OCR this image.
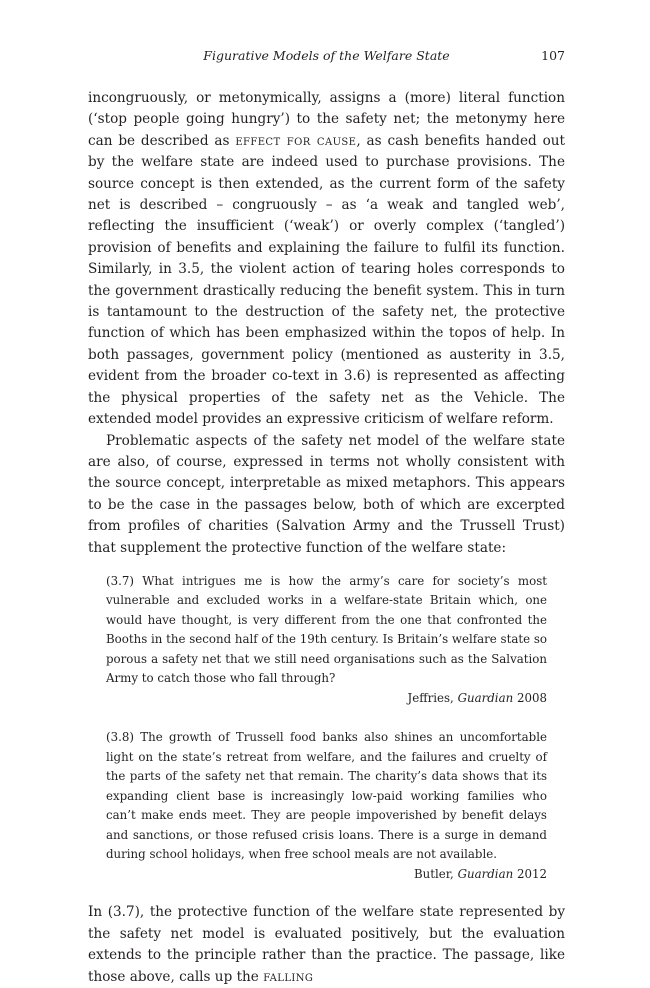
Figurative Models of the Welfare State	107

incongruously, or metonymically, assigns a (more) literal function (‘stop people going hungry’) to the safety net; the metonymy here can be described as effect for cause, as cash benefits handed out by the welfare state are indeed used to purchase provisions. The source concept is then extended, as the current form of the safety net is described – congruously – as ‘a weak and tangled web’, reflecting the insufficient (‘weak’) or overly complex (‘tangled’) provision of benefits and explaining the failure to fulfil its function. Similarly, in 3.5, the violent action of tearing holes corresponds to the government drastically reducing the benefit system. This in turn is tantamount to the destruction of the safety net, the protective function of which has been emphasized within the topos of help. In both passages, government policy (mentioned as austerity in 3.5, evident from the broader co-text in 3.6) is represented as affecting the physical properties of the safety net as the Vehicle. The extended model provides an expressive criticism of welfare reform.

Problematic aspects of the safety net model of the welfare state are also, of course, expressed in terms not wholly consistent with the source concept, interpretable as mixed metaphors. This appears to be the case in the passages below, both of which are excerpted from profiles of charities (Salvation Army and the Trussell Trust) that supplement the protective function of the welfare state:

(3.7) What intrigues me is how the army’s care for society’s most vulnerable and excluded works in a welfare-state Britain which, one would have thought, is very different from the one that confronted the Booths in the second half of the 19th century. Is Britain’s welfare state so porous a safety net that we still need organisations such as the Salvation Army to catch those who fall through?
Jeffries, Guardian 2008
(3.8) The growth of Trussell food banks also shines an uncomfortable light on the state’s retreat from welfare, and the failures and cruelty of the parts of the safety net that remain. The charity’s data shows that its expanding client base is increasingly low-paid working families who can’t make ends meet. They are people impoverished by benefit delays and sanctions, or those refused crisis loans. There is a surge in demand during school holidays, when free school meals are not available.
Butler, Guardian 2012

In (3.7), the protective function of the welfare state represented by the safety net model is evaluated positively, but the evaluation extends to the principle rather than the practice. The passage, like those above, calls up the falling
